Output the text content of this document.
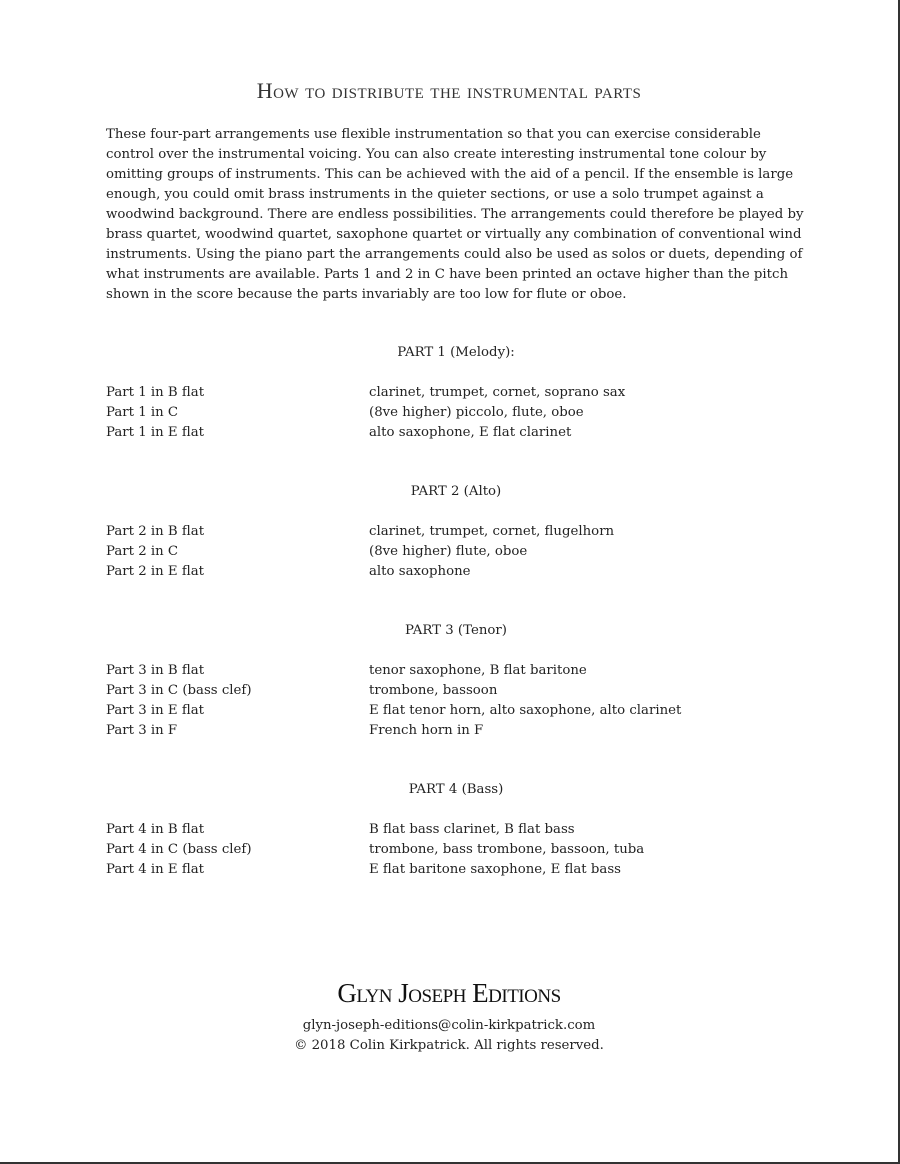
How to distribute the instrumental parts
These four-part arrangements use flexible instrumentation so that you can exercise considerable control over the instrumental voicing. You can also create interesting instrumental tone colour by omitting groups of instruments. This can be achieved with the aid of a pencil. If the ensemble is large enough, you could omit brass instruments in the quieter sections, or use a solo trumpet against a woodwind background. There are endless possibilities. The arrangements could therefore be played by brass quartet, woodwind quartet, saxophone quartet or virtually any combination of conventional wind instruments. Using the piano part the arrangements could also be used as solos or duets, depending of what instruments are available. Parts 1 and 2 in C have been printed an octave higher than the pitch shown in the score because the parts invariably are too low for flute or oboe.
PART 1 (Melody):
Part 1 in B flat	clarinet, trumpet, cornet, soprano sax
Part 1 in C	(8ve higher) piccolo, flute, oboe
Part 1 in E flat	alto saxophone, E flat clarinet
PART 2 (Alto)
Part 2 in B flat	clarinet, trumpet, cornet, flugelhorn
Part 2 in C	(8ve higher) flute, oboe
Part 2 in E flat	alto saxophone
PART 3 (Tenor)
Part 3 in B flat	tenor saxophone, B flat baritone
Part 3 in C (bass clef)	trombone, bassoon
Part 3 in E flat	E flat tenor horn, alto saxophone, alto clarinet
Part 3 in F	French horn in F
PART 4 (Bass)
Part 4 in B flat	B flat bass clarinet, B flat bass
Part 4 in C (bass clef)	trombone, bass trombone, bassoon, tuba
Part 4 in E flat	E flat baritone saxophone, E flat bass
Glyn Joseph Editions
glyn-joseph-editions@colin-kirkpatrick.com
© 2018 Colin Kirkpatrick. All rights reserved.
